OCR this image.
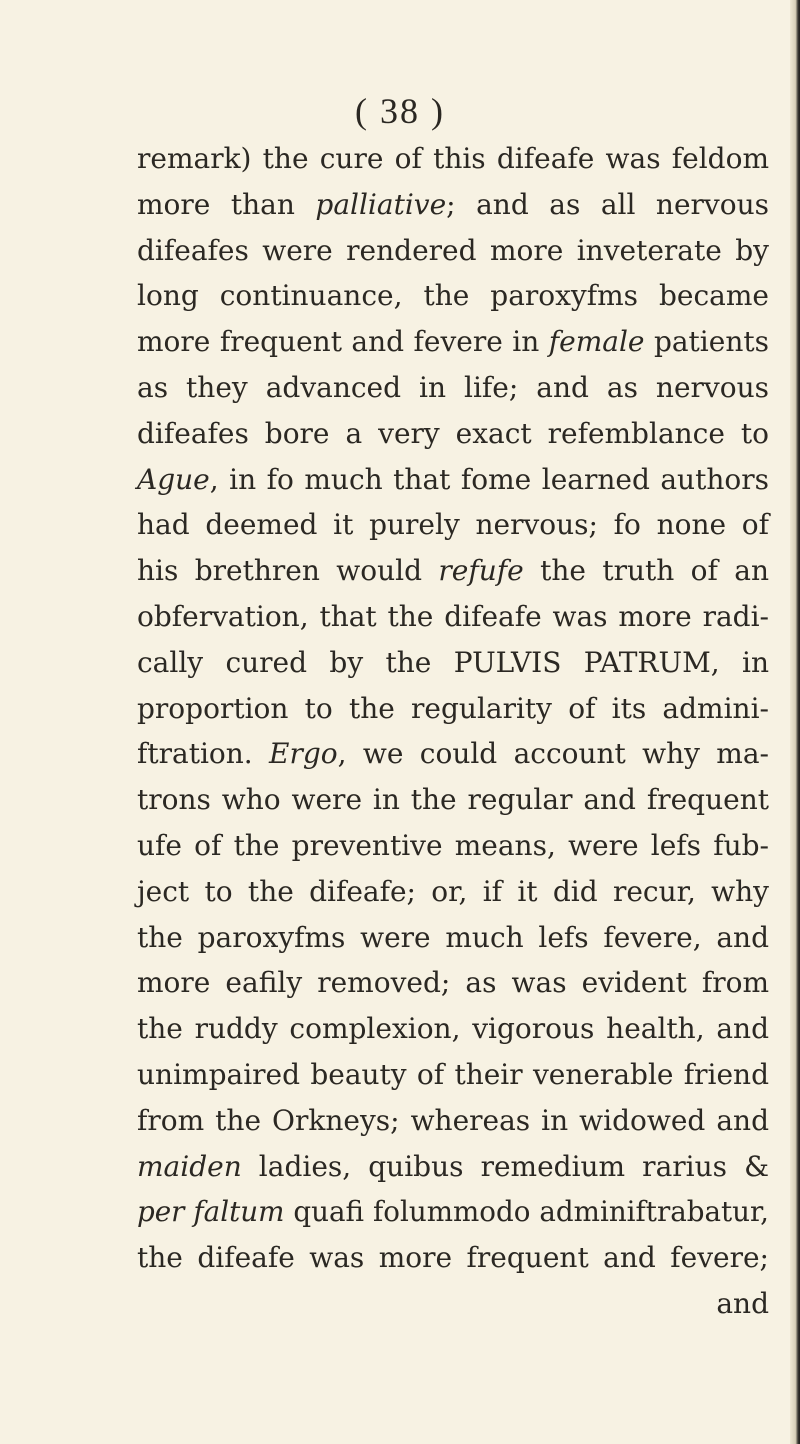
( 38 )
remark) the cure of this difeafe was feldom
more than palliative; and as all nervous
difeafes were rendered more inveterate by
long continuance, the paroxyfms became
more frequent and fevere in female patients
as they advanced in life; and as nervous
difeafes bore a very exact refemblance to
Ague, in fo much that fome learned authors
had deemed it purely nervous; fo none of
his brethren would refufe the truth of an
obfervation, that the difeafe was more radi-
cally cured by the PULVIS PATRUM, in
proportion to the regularity of its admini-
ftration. Ergo, we could account why ma-
trons who were in the regular and frequent
ufe of the preventive means, were lefs fub-
ject to the difeafe; or, if it did recur, why
the paroxyfms were much lefs fevere, and
more eafily removed; as was evident from
the ruddy complexion, vigorous health, and
unimpaired beauty of their venerable friend
from the Orkneys; whereas in widowed and
maiden ladies, quibus remedium rarius &
per faltum quafi folummodo adminiftrabatur,
the difeafe was more frequent and fevere;
and
